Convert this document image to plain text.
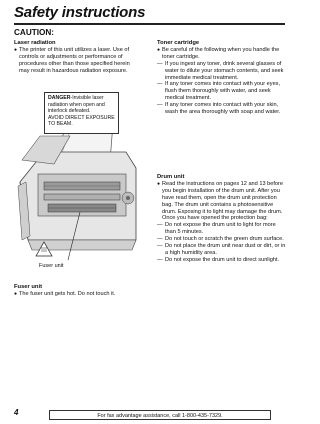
Safety instructions
CAUTION:
Laser radiation
● The printer of this unit utilizes a laser. Use of controls or adjustments or performance of procedures other than those specified herein may result in hazardous radiation exposure.
DANGER-Invisible laser radiation when open and interlock defeated.
AVOID DIRECT EXPOSURE TO BEAM.
Fuser unit
Fuser unit
● The fuser unit gets hot. Do not touch it.
Toner cartridge
● Be careful of the following when you handle the toner cartridge.
— If you ingest any toner, drink several glasses of water to dilute your stomach contents, and seek immediate medical treatment.
— If any toner comes into contact with your eyes, flush them thoroughly with water, and seek medical treatment.
— If any toner comes into contact with your skin, wash the area thoroughly with soap and water.
Drum unit
● Read the instructions on pages 12 and 13 before you begin installation of the drum unit. After you have read them, open the drum unit protection bag. The drum unit contains a photosensitive drum. Exposing it to light may damage the drum.
Once you have opened the protection bag:
— Do not expose the drum unit to light for more than 5 minutes.
— Do not touch or scratch the green drum surface.
— Do not place the drum unit near dust or dirt, or in a high humidity area.
— Do not expose the drum unit to direct sunlight.
4	For fax advantage assistance, call 1-800-435-7329.
